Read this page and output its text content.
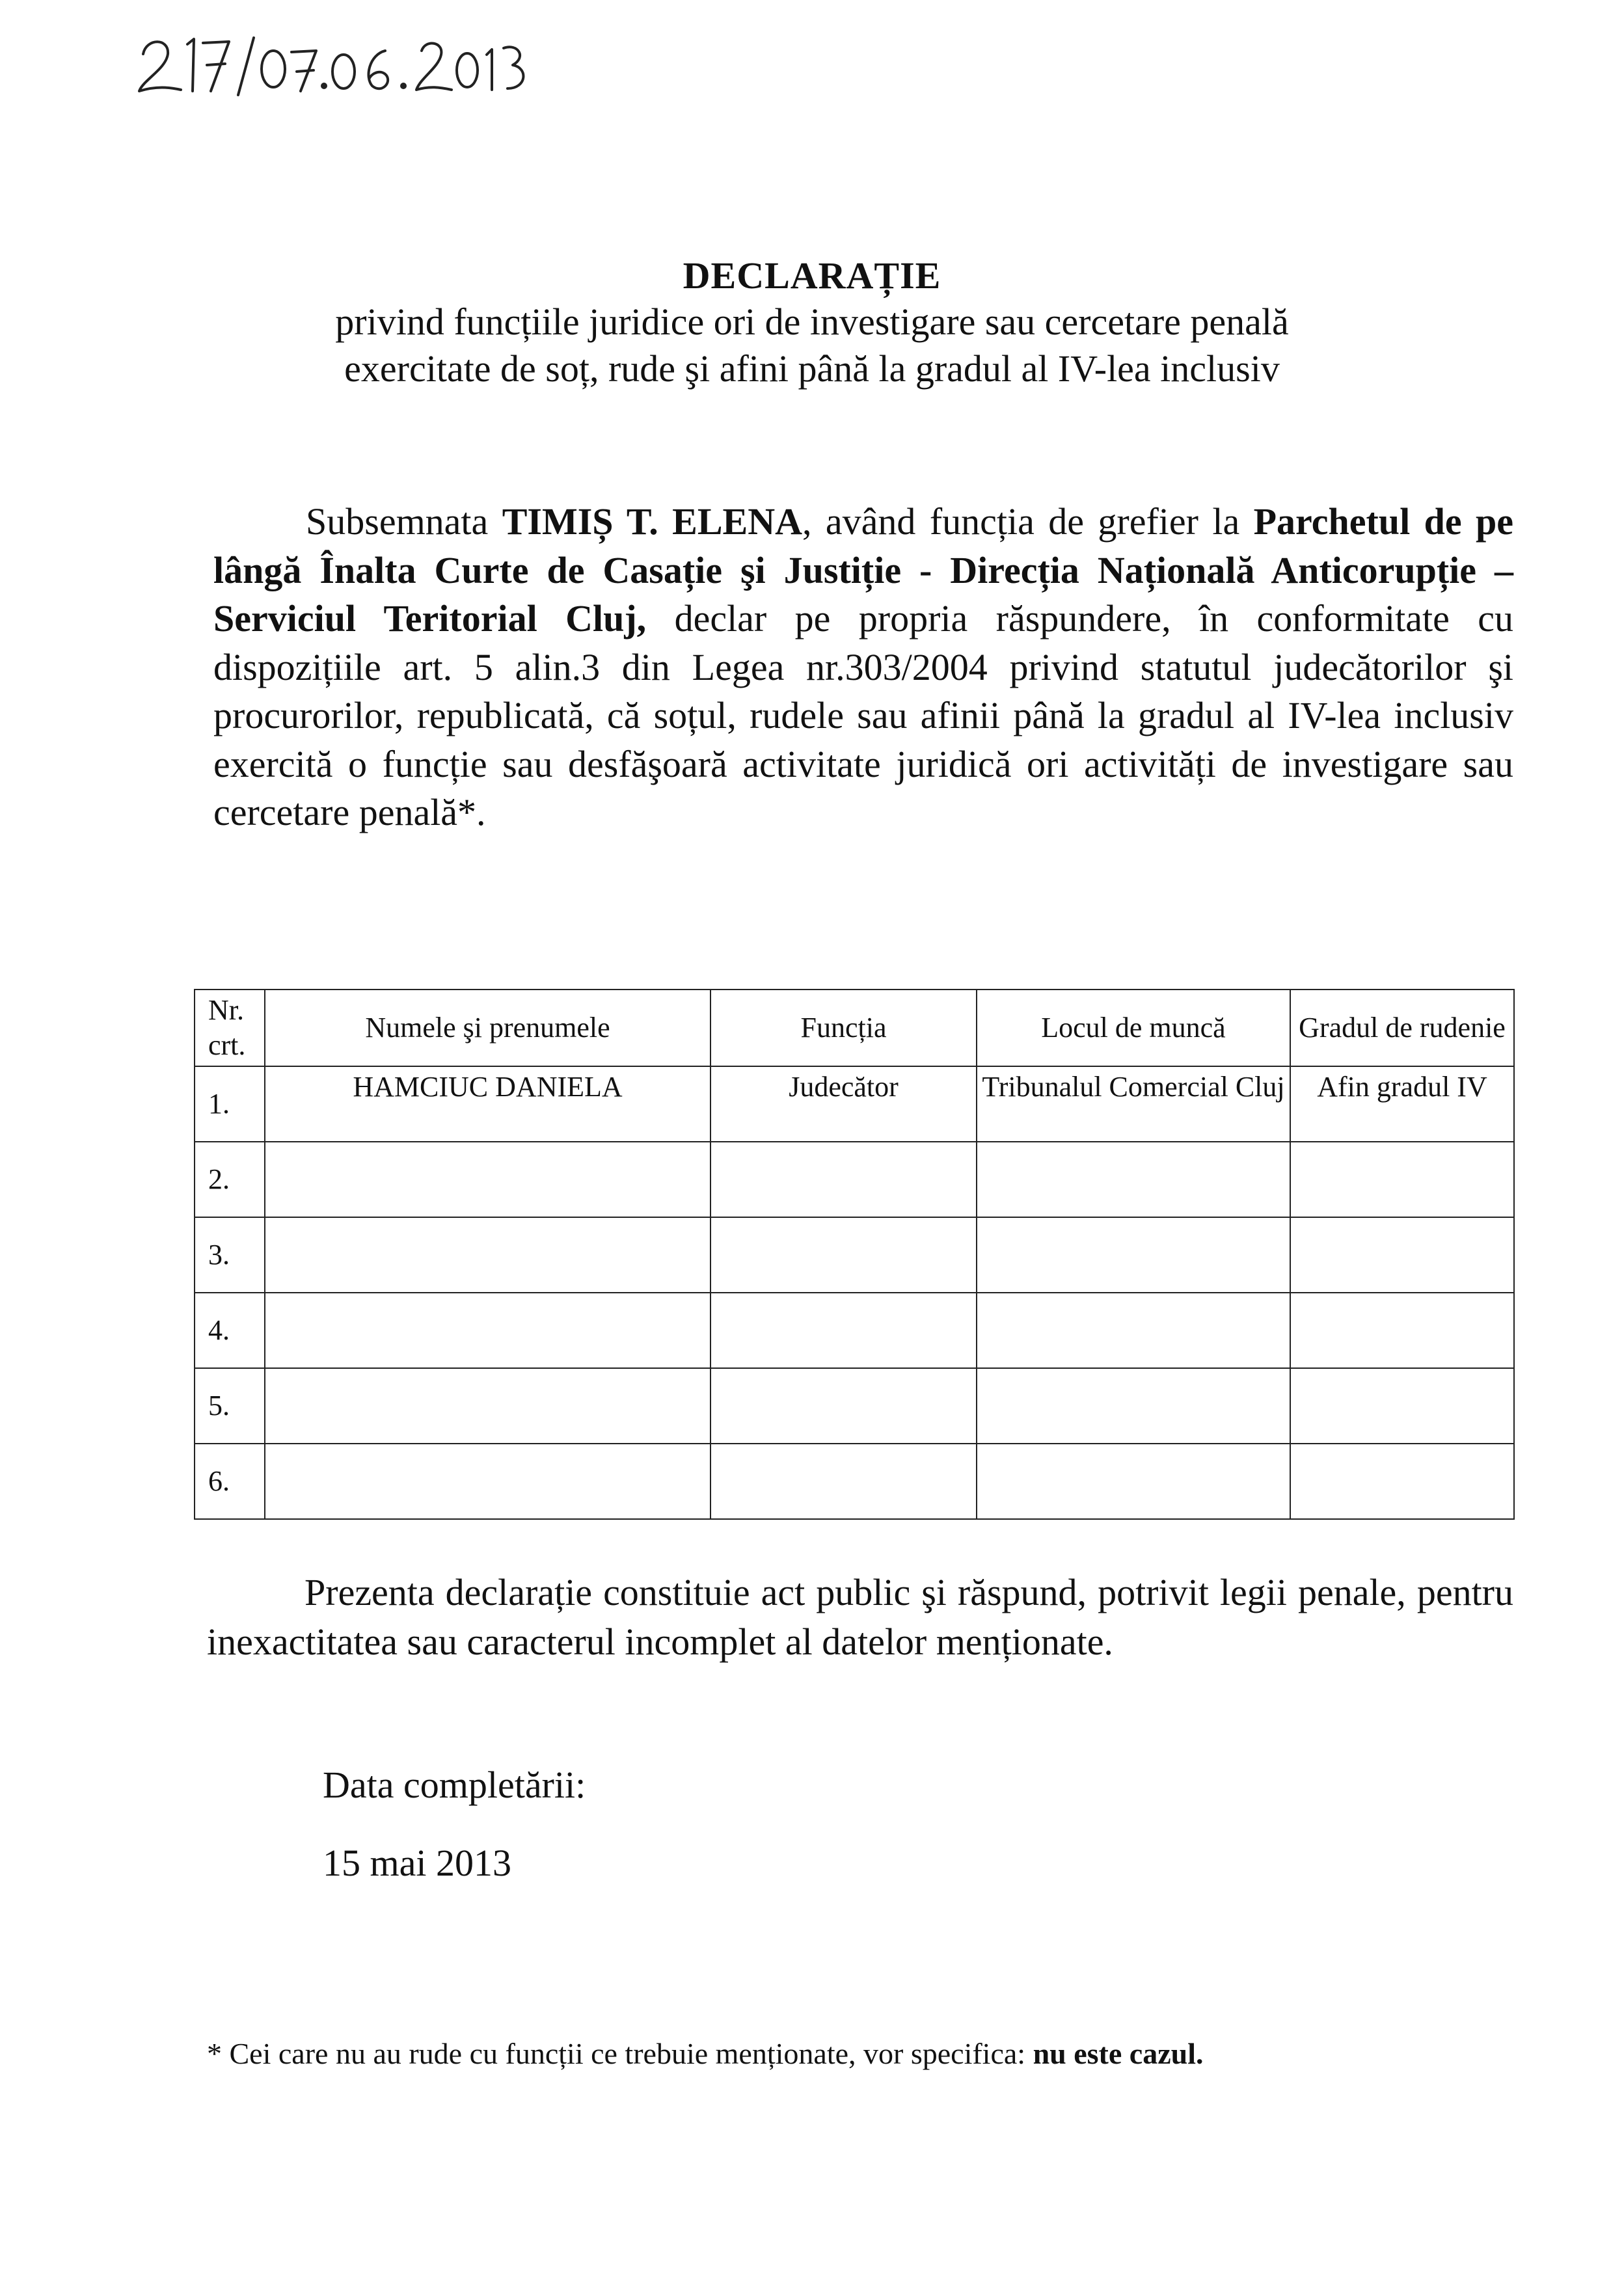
DECLARAȚIE
privind funcțiile juridice ori de investigare sau cercetare penală
exercitate de soț, rude şi afini până la gradul al IV-lea inclusiv
Subsemnata TIMIȘ T. ELENA, având funcția de grefier la Parchetul de pe lângă Înalta Curte de Casație şi Justiție - Direcția Națională Anticorupție – Serviciul Teritorial Cluj, declar pe propria răspundere, în conformitate cu dispozițiile art. 5 alin.3 din Legea nr.303/2004 privind statutul judecătorilor şi procurorilor, republicată, că soțul, rudele sau afinii până la gradul al IV-lea inclusiv exercită o funcție sau desfăşoară activitate juridică ori activități de investigare sau cercetare penală*.
Nr. crt.	Numele şi prenumele	Funcția	Locul de muncă	Gradul de rudenie
1.	HAMCIUC DANIELA	Judecător	Tribunalul Comercial Cluj	Afin gradul IV
2.				
3.				
4.				
5.				
6.				
Prezenta declarație constituie act public şi răspund, potrivit legii penale, pentru inexactitatea sau caracterul incomplet al datelor menționate.
Data completării:
15 mai 2013
* Cei care nu au rude cu funcții ce trebuie menționate, vor specifica: nu este cazul.
